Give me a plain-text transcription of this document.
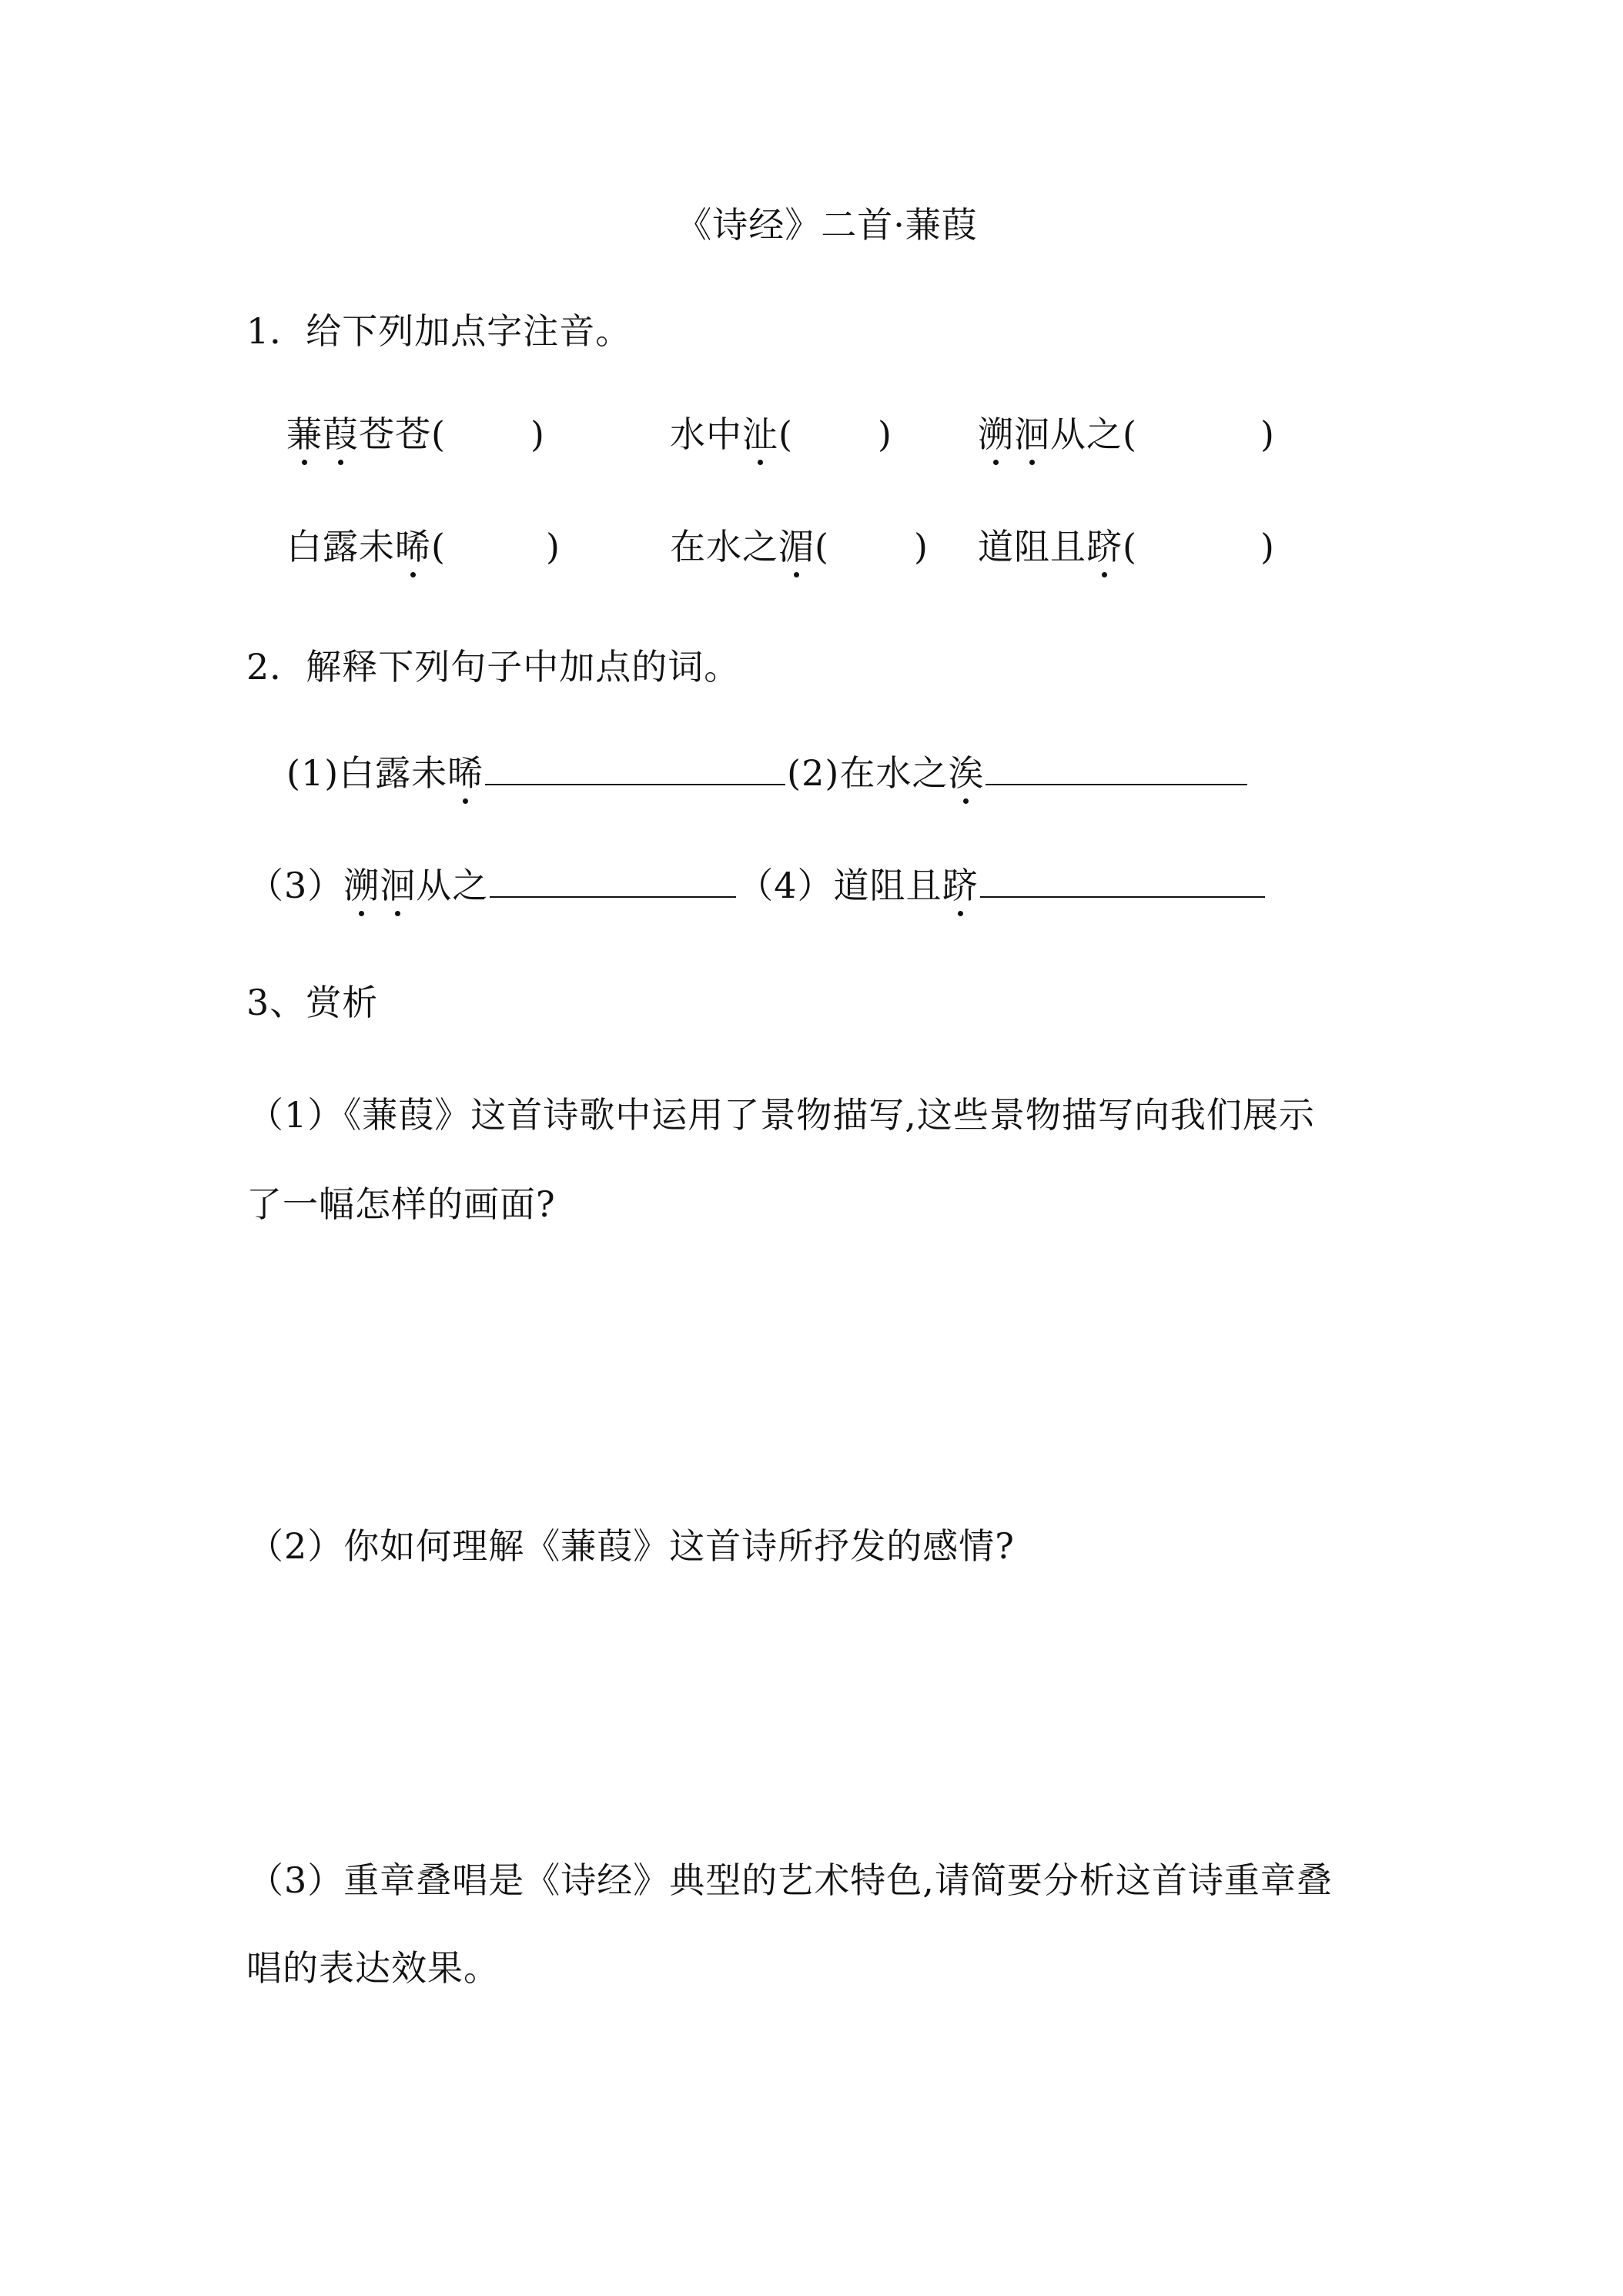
《诗经》二首·蒹葭
1．给下列加点字注音。
蒹葭苍苍( )	水中沚( ) 溯洄从之(	)
白露未晞(	)	在水之湄( ) 道阻且跻(	)
2．解释下列句子中加点的词。
(1)白露未晞	(2)在水之涘
（3）溯洄从之	（4）道阻且跻
3、赏析
（1）《蒹葭》这首诗歌中运用了景物描写,这些景物描写向我们展示
了一幅怎样的画面?
（2）你如何理解《蒹葭》这首诗所抒发的感情?
（3）重章叠唱是《诗经》典型的艺术特色,请简要分析这首诗重章叠
唱的表达效果。
